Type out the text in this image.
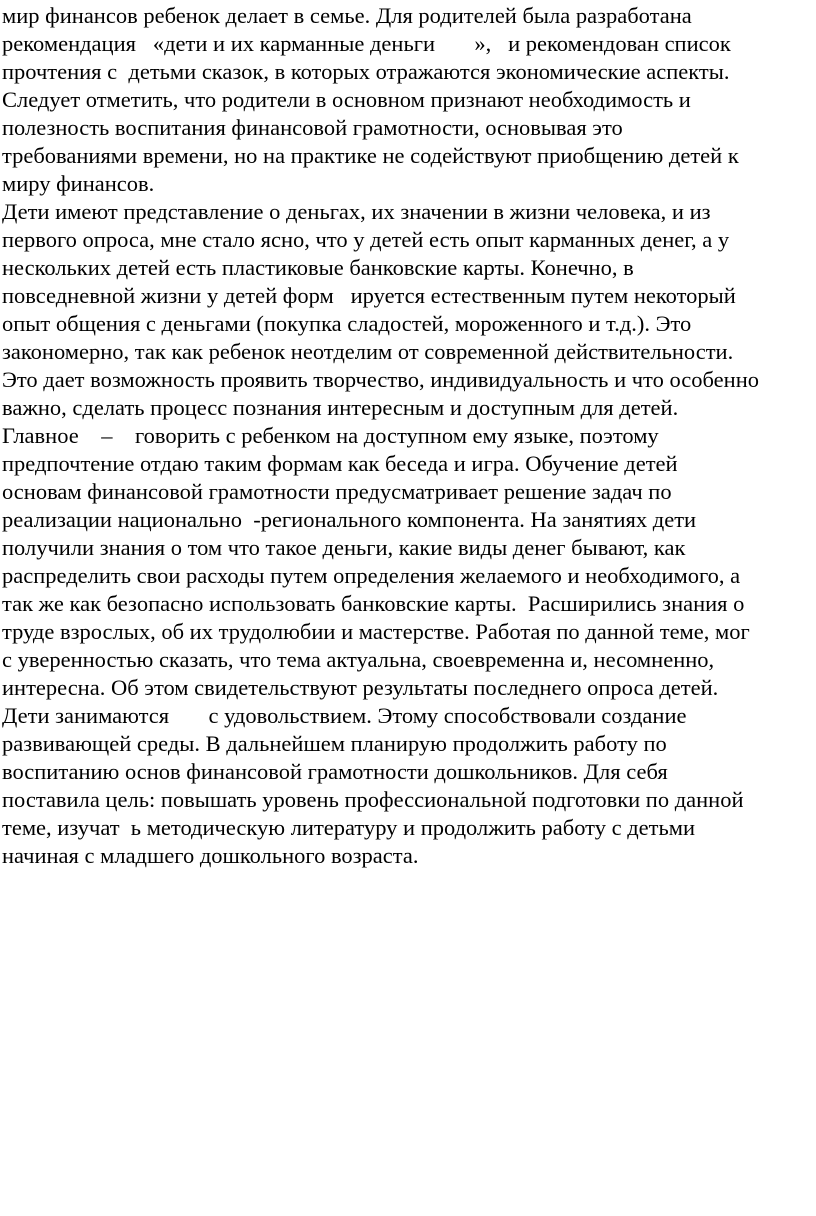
мир финансов ребенок делает в семье. Для родителей была разработана
рекомендация   «дети и их карманные деньги       »,   и рекомендован список
прочтения с  детьми сказок, в которых отражаются экономические аспекты.
Следует отметить, что родители в основном признают необходимость и
полезность воспитания финансовой грамотности, основывая это
требованиями времени, но на практике не содействуют приобщению детей к
миру финансов.
Дети имеют представление о деньгах, их значении в жизни человека, и из
первого опроса, мне стало ясно, что у детей есть опыт карманных денег, а у
нескольких детей есть пластиковые банковские карты. Конечно, в
повседневной жизни у детей форм   ируется естественным путем некоторый
опыт общения с деньгами (покупка сладостей, мороженного и т.д.). Это
закономерно, так как ребенок неотделим от современной действительности.
Это дает возможность проявить творчество, индивидуальность и что особенно
важно, сделать процесс познания интересным и доступным для детей.
Главное    –    говорить с ребенком на доступном ему языке, поэтому
предпочтение отдаю таким формам как беседа и игра. Обучение детей
основам финансовой грамотности предусматривает решение задач по
реализации национально  -регионального компонента. На занятиях дети
получили знания о том что такое деньги, какие виды денег бывают, как
распределить свои расходы путем определения желаемого и необходимого, а
так же как безопасно использовать банковские карты.  Расширились знания о
труде взрослых, об их трудолюбии и мастерстве. Работая по данной теме, мог
с уверенностью сказать, что тема актуальна, своевременна и, несомненно,
интересна. Об этом свидетельствуют результаты последнего опроса детей.
Дети занимаются       с удовольствием. Этому способствовали создание
развивающей среды. В дальнейшем планирую продолжить работу по
воспитанию основ финансовой грамотности дошкольников. Для себя
поставила цель: повышать уровень профессиональной подготовки по данной
теме, изучат  ь методическую литературу и продолжить работу с детьми
начиная с младшего дошкольного возраста.
